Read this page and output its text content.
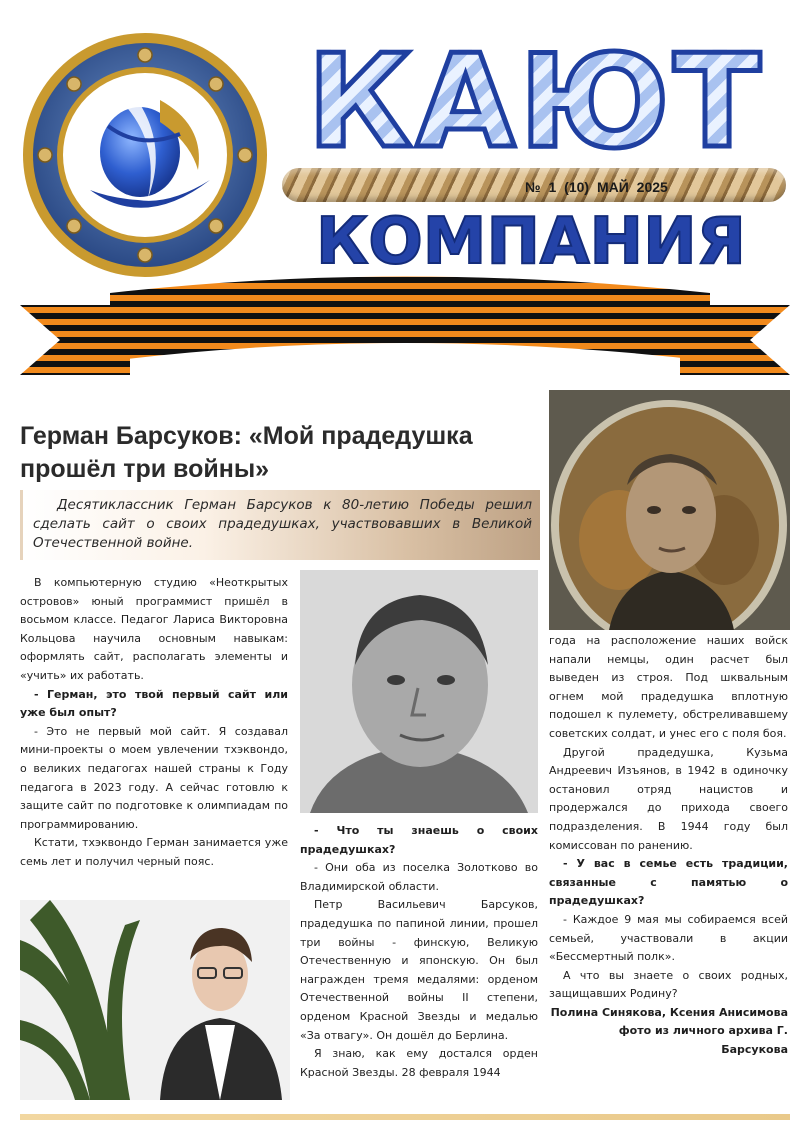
КАЮТ
№ 1 (10) МАЙ 2025
КОМПАНИЯ
Герман Барсуков: «Мой прадедушка прошёл три войны»
Десятиклассник Герман Барсуков к 80-летию Победы решил сделать сайт о своих прадедушках, участвовавших в Великой Отечественной войне.

В компьютерную студию «Неоткрытых островов» юный программист пришёл в восьмом классе. Педагог Лариса Викторовна Кольцова научила основным навыкам: оформлять сайт, располагать элементы и «учить» их работать.

- Герман, это твой первый сайт или уже был опыт?

- Это не первый мой сайт. Я создавал мини-проекты о моем увлечении тхэквондо, о великих педагогах нашей страны к Году педагога в 2023 году. А сейчас готовлю к защите сайт по подготовке к олимпиадам по программированию.

Кстати, тхэквондо Герман занимается уже семь лет и получил черный пояс.

- Что ты знаешь о своих прадедушках?

- Они оба из поселка Золотково во Владимирской области.

Петр Васильевич Барсуков, прадедушка по папиной линии, прошел три войны - финскую, Великую Отечественную и японскую. Он был награжден тремя медалями: орденом Отечественной войны II степени, орденом Красной Звезды и медалью «За отвагу». Он дошёл до Берлина.

Я знаю, как ему достался орден Красной Звезды. 28 февраля 1944

года на расположение наших войск напали немцы, один расчет был выведен из строя. Под шквальным огнем мой прадедушка вплотную подошел к пулемету, обстреливавшему советских солдат, и унес его с поля боя.

Другой прадедушка, Кузьма Андреевич Изъянов, в 1942 в одиночку остановил отряд нацистов и продержался до прихода своего подразделения. В 1944 году был комиссован по ранению.

- У вас в семье есть традиции, связанные с памятью о прадедушках?

- Каждое 9 мая мы собираемся всей семьей, участвовали в акции «Бессмертный полк».

А что вы знаете о своих родных, защищавших Родину?

Полина Синякова, Ксения Анисимова

фото из личного архива Г. Барсукова
